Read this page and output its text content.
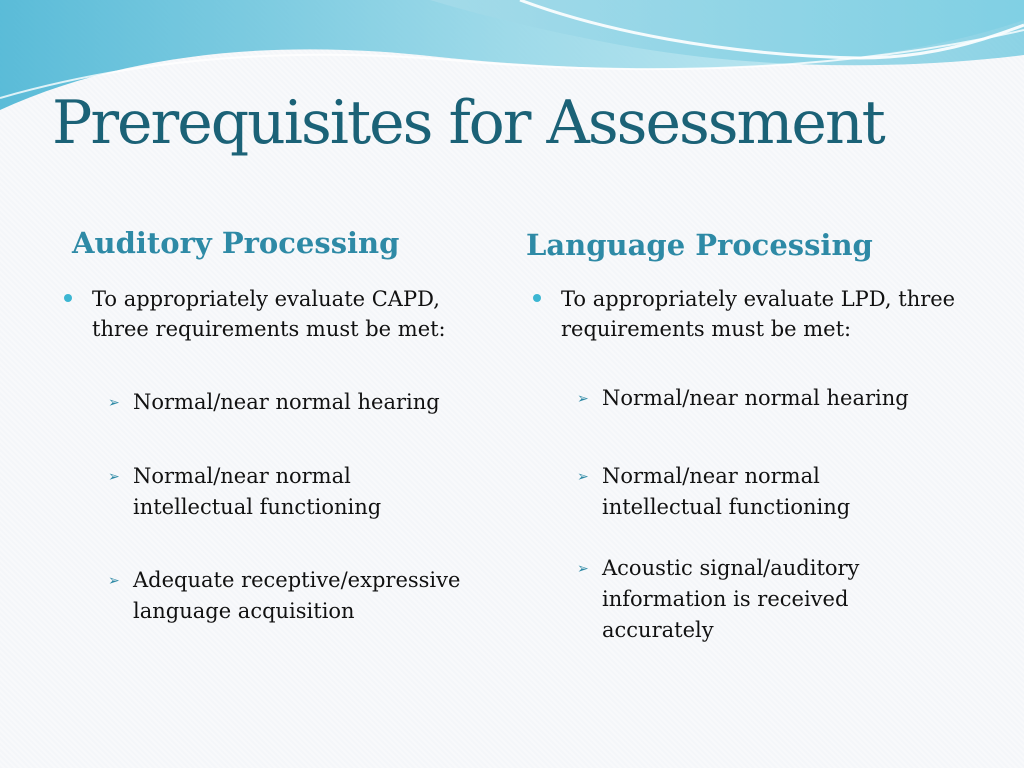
Prerequisites for Assessment
Auditory Processing
To appropriately evaluate CAPD, three requirements must be met:
➢ Normal/near normal hearing
➢ Normal/near normal intellectual functioning
➢ Adequate receptive/expressive language acquisition
Language Processing
To appropriately evaluate LPD, three requirements must be met:
➢ Normal/near normal hearing
➢ Normal/near normal intellectual functioning
➢ Acoustic signal/auditory information is received accurately
